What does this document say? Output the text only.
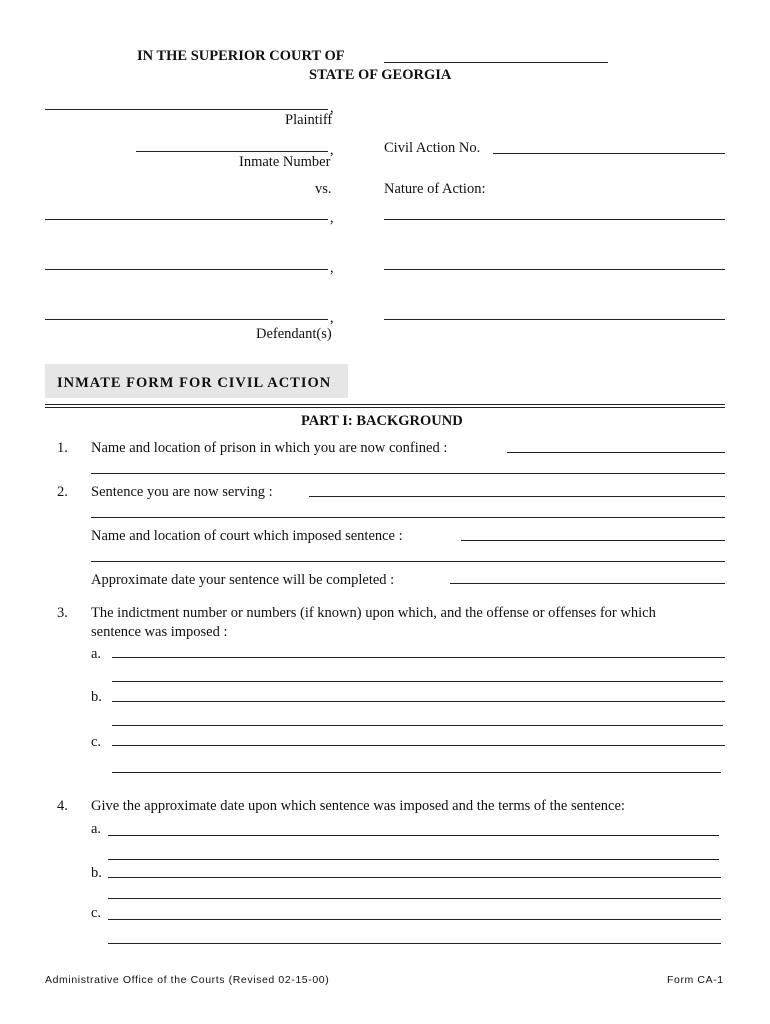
IN THE SUPERIOR COURT OF
STATE OF GEORGIA
,
Plaintiff
,
Inmate Number
Civil Action No.
vs.	Nature of Action:
,
,
,
Defendant(s)
INMATE FORM FOR CIVIL ACTION
PART I: BACKGROUND
1. Name and location of prison in which you are now confined :
2. Sentence you are now serving :
Name and location of court which imposed sentence :
Approximate date your sentence will be completed :
3. The indictment number or numbers (if known) upon which, and the offense or offenses for which
sentence was imposed :
a.
b.
c.
4. Give the approximate date upon which sentence was imposed and the terms of the sentence:
a.
b.
c.
Administrative Office of the Courts (Revised 02-15-00)	Form CA-1
